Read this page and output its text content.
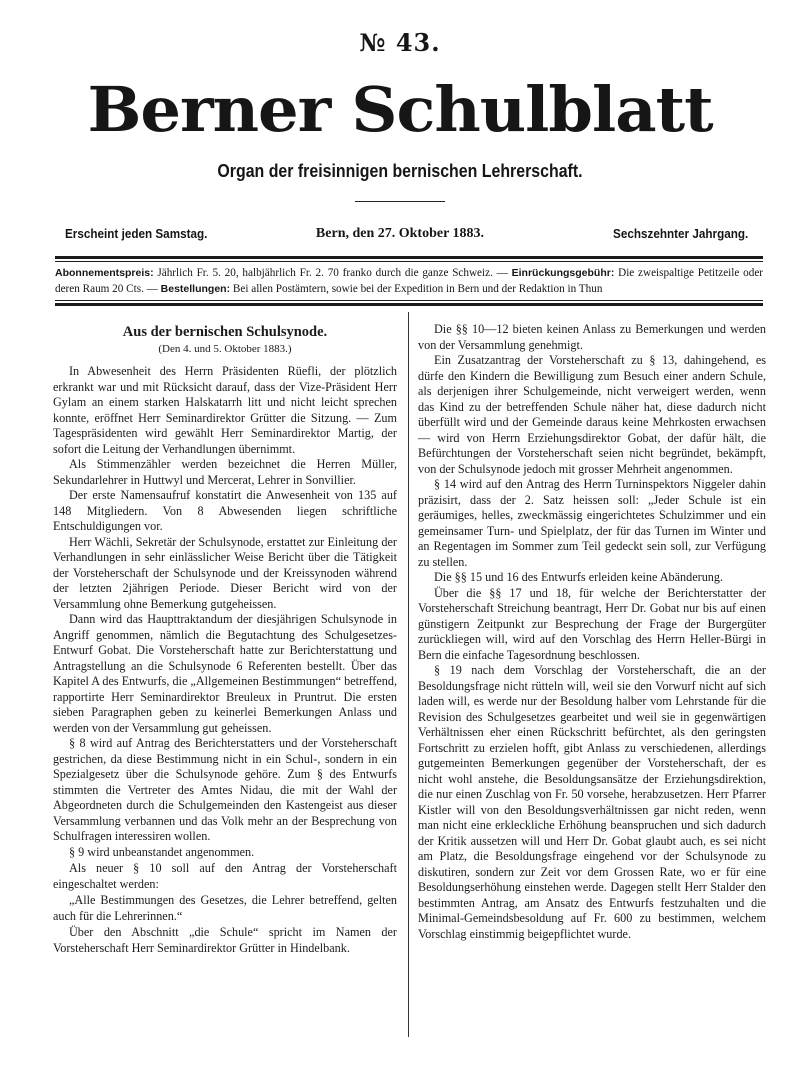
№ 43.
Berner Schulblatt
Organ der freisinnigen bernischen Lehrerschaft.
Erscheint jeden Samstag.	Bern, den 27. Oktober 1883.	Sechszehnter Jahrgang.
Abonnementspreis: Jährlich Fr. 5. 20, halbjährlich Fr. 2. 70 franko durch die ganze Schweiz. — Einrückungsgebühr: Die zweispaltige Petitzeile oder deren Raum 20 Cts. — Bestellungen: Bei allen Postämtern, sowie bei der Expedition in Bern und der Redaktion in Thun

Aus der bernischen Schulsynode.

(Den 4. und 5. Oktober 1883.)

In Abwesenheit des Herrn Präsidenten Rüefli, der plötzlich erkrankt war und mit Rücksicht darauf, dass der Vize-Präsident Herr Gylam an einem starken Halskatarrh litt und nicht leicht sprechen konnte, eröffnet Herr Seminardirektor Grütter die Sitzung. — Zum Tagespräsidenten wird gewählt Herr Seminardirektor Martig, der sofort die Leitung der Verhandlungen übernimmt.

Als Stimmenzähler werden bezeichnet die Herren Müller, Sekundarlehrer in Huttwyl und Mercerat, Lehrer in Sonvillier.

Der erste Namensaufruf konstatirt die Anwesenheit von 135 auf 148 Mitgliedern. Von 8 Abwesenden liegen schriftliche Entschuldigungen vor.

Herr Wächli, Sekretär der Schulsynode, erstattet zur Einleitung der Verhandlungen in sehr einlässlicher Weise Bericht über die Tätigkeit der Vorsteherschaft der Schulsynode und der Kreissynoden während der letzten 2jährigen Periode. Dieser Bericht wird von der Versammlung ohne Bemerkung gutgeheissen.

Dann wird das Haupttraktandum der diesjährigen Schulsynode in Angriff genommen, nämlich die Begutachtung des Schulgesetzes-Entwurf Gobat. Die Vorsteherschaft hatte zur Berichterstattung und Antragstellung an die Schulsynode 6 Referenten bestellt. Über das Kapitel A des Entwurfs, die „Allgemeinen Bestimmungen“ betreffend, rapportirte Herr Seminardirektor Breuleux in Pruntrut. Die ersten sieben Paragraphen geben zu keinerlei Bemerkungen Anlass und werden von der Versammlung gut geheissen.

§ 8 wird auf Antrag des Berichterstatters und der Vorsteherschaft gestrichen, da diese Bestimmung nicht in ein Schul-, sondern in ein Spezialgesetz über die Schulsynode gehöre. Zum § des Entwurfs stimmten die Vertreter des Amtes Nidau, die mit der Wahl der Abgeordneten durch die Schulgemeinden den Kastengeist aus dieser Versammlung verbannen und das Volk mehr an der Besprechung von Schulfragen interessiren wollen.

§ 9 wird unbeanstandet angenommen.

Als neuer § 10 soll auf den Antrag der Vorsteherschaft eingeschaltet werden:

„Alle Bestimmungen des Gesetzes, die Lehrer betreffend, gelten auch für die Lehrerinnen.“

Über den Abschnitt „die Schule“ spricht im Namen der Vorsteherschaft Herr Seminardirektor Grütter in Hindelbank.

Die §§ 10—12 bieten keinen Anlass zu Bemerkungen und werden von der Versammlung genehmigt.

Ein Zusatzantrag der Vorsteherschaft zu § 13, dahingehend, es dürfe den Kindern die Bewilligung zum Besuch einer andern Schule, als derjenigen ihrer Schulgemeinde, nicht verweigert werden, wenn das Kind zu der betreffenden Schule näher hat, diese dadurch nicht überfüllt wird und der Gemeinde daraus keine Mehrkosten erwachsen — wird von Herrn Erziehungsdirektor Gobat, der dafür hält, die Befürchtungen der Vorsteherschaft seien nicht begründet, bekämpft, von der Schulsynode jedoch mit grosser Mehrheit angenommen.

§ 14 wird auf den Antrag des Herrn Turninspektors Niggeler dahin präzisirt, dass der 2. Satz heissen soll: „Jeder Schule ist ein geräumiges, helles, zweckmässig eingerichtetes Schulzimmer und ein gemeinsamer Turn- und Spielplatz, der für das Turnen im Winter und an Regentagen im Sommer zum Teil gedeckt sein soll, zur Verfügung zu stellen.

Die §§ 15 und 16 des Entwurfs erleiden keine Abänderung.

Über die §§ 17 und 18, für welche der Berichterstatter der Vorsteherschaft Streichung beantragt, Herr Dr. Gobat nur bis auf einen günstigern Zeitpunkt zur Besprechung der Frage der Burgergüter zurückliegen will, wird auf den Vorschlag des Herrn Heller-Bürgi in Bern die einfache Tagesordnung beschlossen.

§ 19 nach dem Vorschlag der Vorsteherschaft, die an der Besoldungsfrage nicht rütteln will, weil sie den Vorwurf nicht auf sich laden will, es werde nur der Besoldung halber vom Lehrstande für die Revision des Schulgesetzes gearbeitet und weil sie in gegenwärtigen Verhältnissen eher einen Rückschritt befürchtet, als den geringsten Fortschritt zu erzielen hofft, gibt Anlass zu verschiedenen, allerdings gutgemeinten Bemerkungen gegenüber der Vorsteherschaft, der es nicht wohl anstehe, die Besoldungsansätze der Erziehungsdirektion, die nur einen Zuschlag von Fr. 50 vorsehe, herabzusetzen. Herr Pfarrer Kistler will von den Besoldungsverhältnissen gar nicht reden, wenn man nicht eine erkleckliche Erhöhung beanspruchen und sich dadurch der Kritik aussetzen will und Herr Dr. Gobat glaubt auch, es sei nicht am Platz, die Besoldungsfrage eingehend vor der Schulsynode zu diskutiren, sondern zur Zeit vor dem Grossen Rate, wo er für eine Besoldungserhöhung einstehen werde. Dagegen stellt Herr Stalder den bestimmten Antrag, am Ansatz des Entwurfs festzuhalten und die Minimal-Gemeindsbesoldung auf Fr. 600 zu bestimmen, welchem Vorschlag einstimmig beigepflichtet wurde.
